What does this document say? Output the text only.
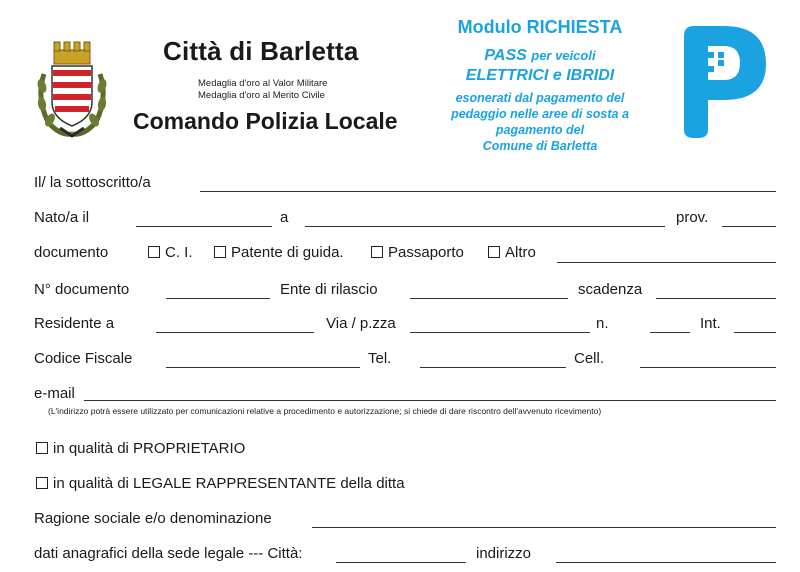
Città di Barletta
Medaglia d'oro al Valor Militare
Medaglia d'oro al Merito Civile
Comando Polizia Locale
Modulo RICHIESTA
PASS per veicoli
ELETTRICI e IBRIDI
esonerati dal pagamento del
pedaggio nelle aree di sosta a
pagamento del
Comune di Barletta
Il/ la sottoscritto/a
Nato/a il	a	prov.
documento	C. I.	Patente di guida.	Passaporto	Altro
N° documento	Ente di rilascio	scadenza
Residente a	Via / p.zza	n.	Int.
Codice Fiscale	Tel.	Cell.
e-mail
(L'indirizzo potrà essere utilizzato per comunicazioni relative a procedimento e autorizzazione; si chiede di dare riscontro dell'avvenuto ricevimento)
in qualità di PROPRIETARIO
in qualità di LEGALE RAPPRESENTANTE della ditta
Ragione sociale e/o denominazione
dati anagrafici della sede legale --- Città:	indirizzo
